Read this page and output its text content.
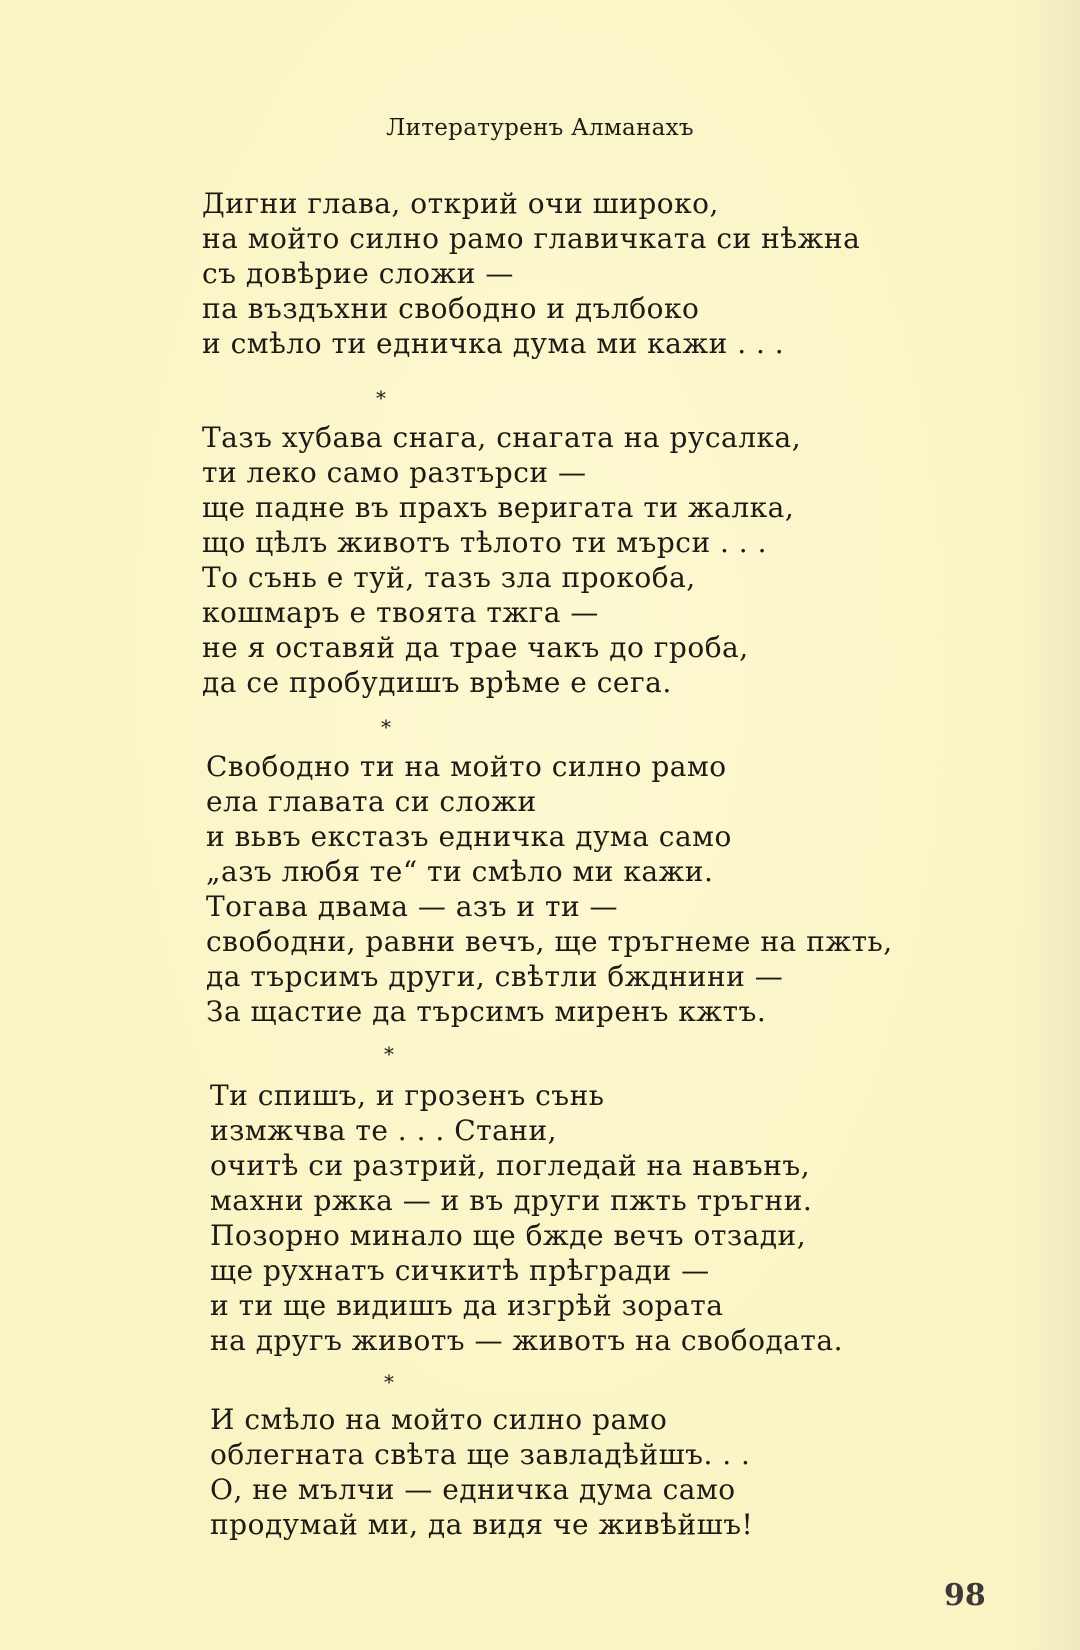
Литературенъ Алманахъ
Дигни глава, открий очи широко,
на мойто силно рамо главичката си нѣжна
съ довѣрие сложи —
па въздъхни свободно и дълбоко
и смѣло ти едничка дума ми кажи . . .
*
Тазъ хубава снага, снагата на русалка,
ти леко само разтърси —
ще падне въ прахъ веригата ти жалка,
що цѣлъ животъ тѣлото ти мърси . . .
То сънь е туй, тазъ зла прокоба,
кошмаръ е твоята тжга —
не я оставяй да трае чакъ до гроба,
да се пробудишъ врѣме е сега.
*
Свободно ти на мойто силно рамо
ела главата си сложи
и вьвъ екстазъ едничка дума само
„азъ любя те“ ти смѣло ми кажи.
Тогава двама — азъ и ти —
свободни, равни вечъ, ще тръгнеме на пжть,
да търсимъ други, свѣтли бжднини —
За щастие да търсимъ миренъ кжтъ.
*
Ти спишъ, и грозенъ сънь
измжчва те . . . Стани,
очитѣ си разтрий, погледай на навънъ,
махни ржка — и въ други пжть тръгни.
Позорно минало ще бжде вечъ отзади,
ще рухнатъ сичкитѣ прѣгради —
и ти ще видишъ да изгрѣй зората
на другъ животъ — животъ на свободата.
*
И смѣло на мойто силно рамо
облегната свѣта ще завладѣйшъ. . .
О, не мълчи — едничка дума само
продумай ми, да видя че живѣйшъ!
98
